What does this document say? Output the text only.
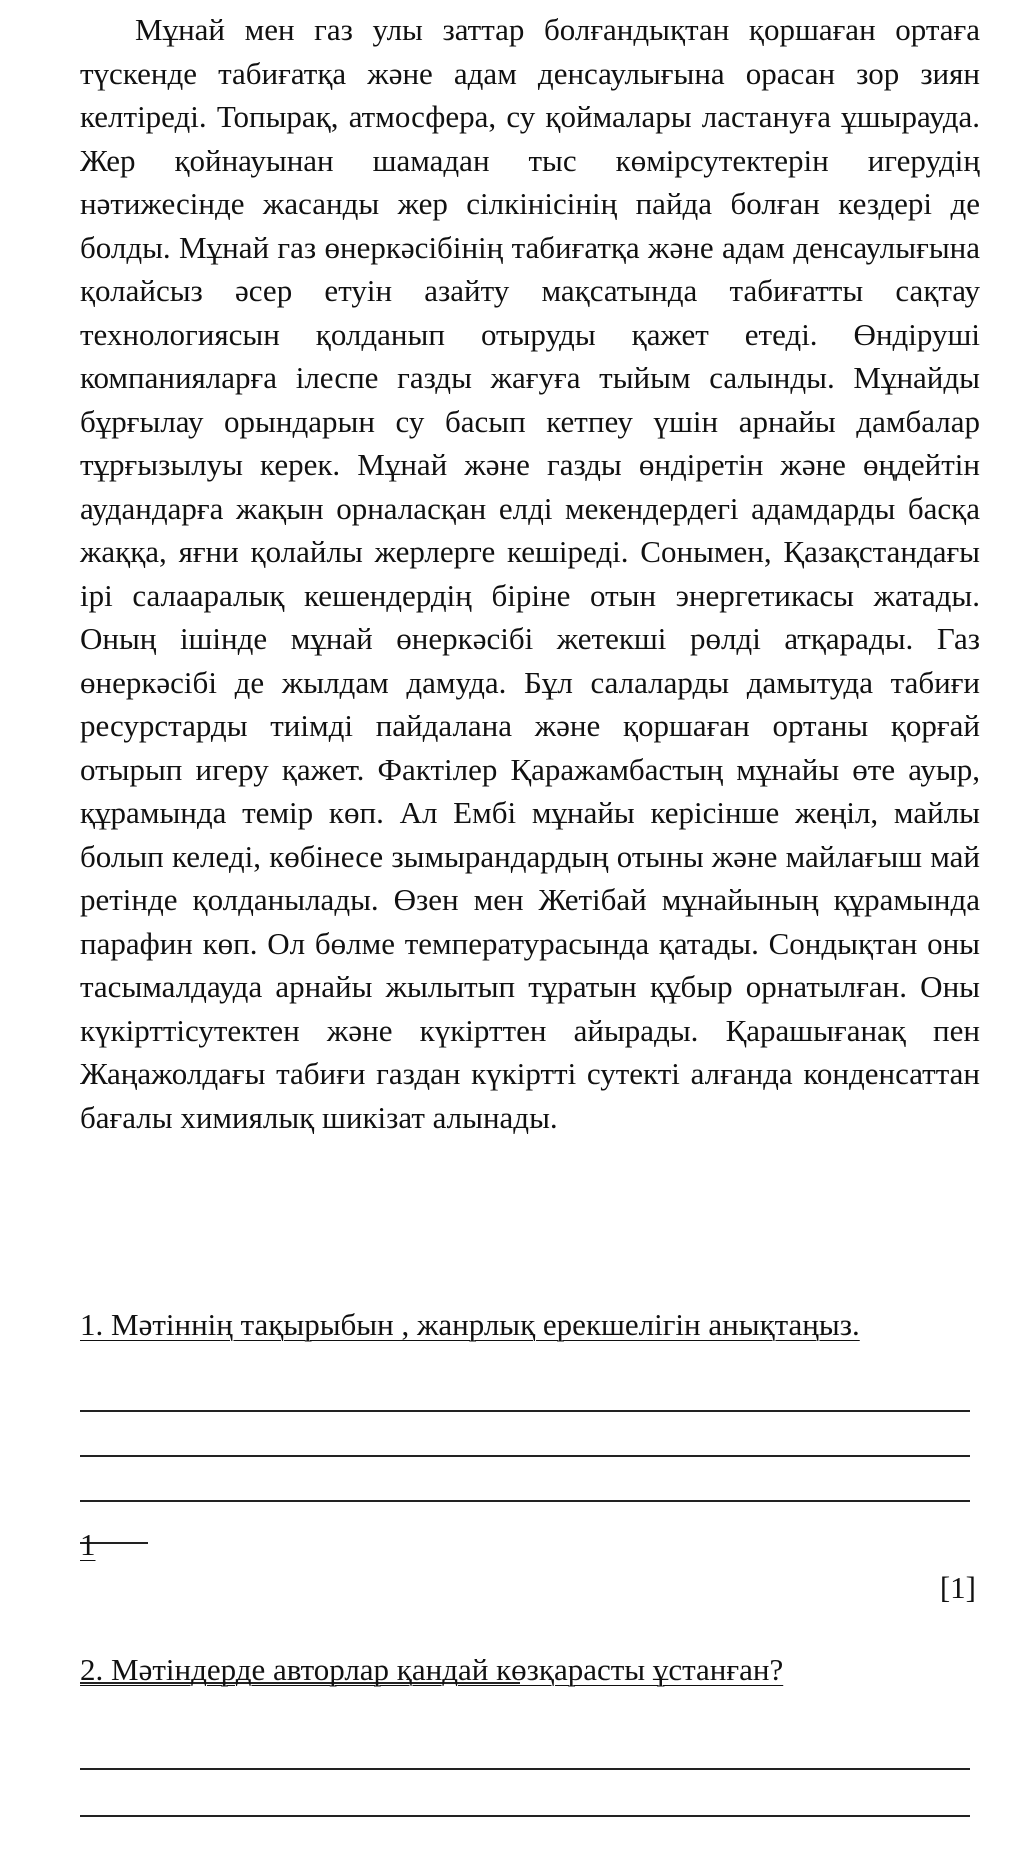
Мұнай мен газ улы заттар болғандықтан қоршаған ортаға түскенде табиғатқа және адам денсаулығына орасан зор зиян келтіреді. Топырақ, атмосфера, су қоймалары ластануға ұшырауда. Жер қойнауынан шамадан тыс көмірсутектерін игерудің нәтижесінде жасанды жер сілкінісінің пайда болған кездері де болды. Мұнай газ өнеркәсібінің табиғатқа және адам денсаулығына қолайсыз әсер етуін азайту мақсатында табиғатты сақтау технологиясын қолданып отыруды қажет етеді. Өндіруші компанияларға ілеспе газды жағуға тыйым салынды. Мұнайды бұрғылау орындарын су басып кетпеу үшін арнайы дамбалар тұрғызылуы керек. Мұнай және газды өндіретін және өңдейтін аудандарға жақын орналасқан елді мекендердегі адамдарды басқа жаққа, яғни қолайлы жерлерге кешіреді. Сонымен, Қазақстандағы ірі салааралық кешендердің біріне отын энергетикасы жатады. Оның ішінде мұнай өнеркәсібі жетекші рөлді атқарады. Газ өнеркәсібі де жылдам дамуда. Бұл салаларды дамытуда табиғи ресурстарды тиімді пайдалана және қоршаған ортаны қорғай отырып игеру қажет. Фактілер Қаражамбастың мұнайы өте ауыр, құрамында темір көп. Ал Ембі мұнайы керісінше жеңіл, майлы болып келеді, көбінесе зымырандардың отыны және майлағыш май ретінде қолданылады. Өзен мен Жетібай мұнайының құрамында парафин көп. Ол бөлме температурасында қатады. Сондықтан оны тасымалдауда арнайы жылытып тұратын құбыр орнатылған. Оны күкірттісутектен және күкірттен айырады. Қарашығанақ пен Жаңажолдағы табиғи газдан күкіртті сутекті алғанда конденсаттан бағалы химиялық шикізат алынады.

1. Мәтіннің тақырыбын , жанрлық ерекшелігін анықтаңыз.
1
[1]
2. Мәтіндерде авторлар қандай көзқарасты ұстанған?
